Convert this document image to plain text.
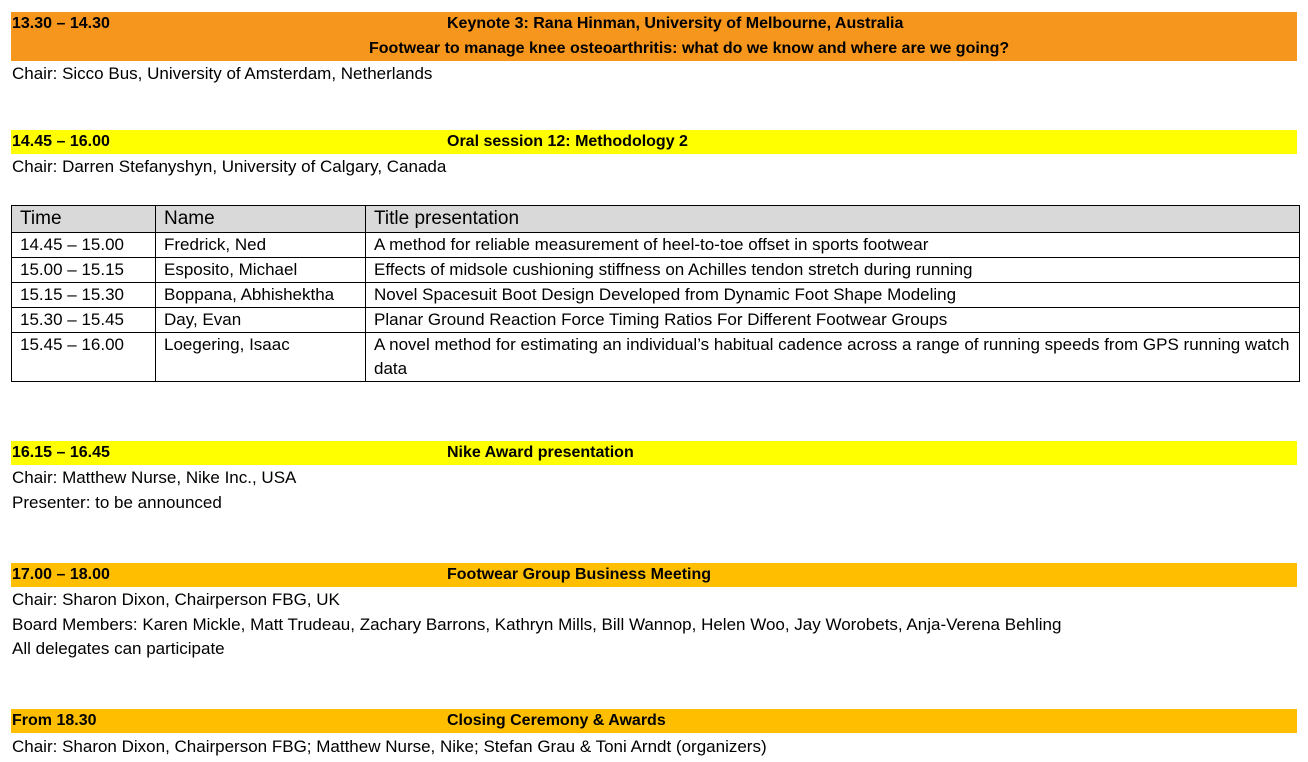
13.30 – 14.30	Keynote 3: Rana Hinman, University of Melbourne, Australia
Footwear to manage knee osteoarthritis: what do we know and where are we going?
Chair: Sicco Bus, University of Amsterdam, Netherlands
14.45 – 16.00	Oral session 12: Methodology 2
Chair: Darren Stefanyshyn, University of Calgary, Canada
Time	Name	Title presentation
14.45 – 15.00	Fredrick, Ned	A method for reliable measurement of heel-to-toe offset in sports footwear
15.00 – 15.15	Esposito, Michael	Effects of midsole cushioning stiffness on Achilles tendon stretch during running
15.15 – 15.30	Boppana, Abhishektha	Novel Spacesuit Boot Design Developed from Dynamic Foot Shape Modeling
15.30 – 15.45	Day, Evan	Planar Ground Reaction Force Timing Ratios For Different Footwear Groups
15.45 – 16.00	Loegering, Isaac	A novel method for estimating an individual’s habitual cadence across a range of running speeds from GPS running watch data
16.15 – 16.45	Nike Award presentation
Chair: Matthew Nurse, Nike Inc., USA
Presenter: to be announced
17.00 – 18.00	Footwear Group Business Meeting
Chair: Sharon Dixon, Chairperson FBG, UK
Board Members: Karen Mickle, Matt Trudeau, Zachary Barrons, Kathryn Mills, Bill Wannop, Helen Woo, Jay Worobets, Anja-Verena Behling
All delegates can participate
From 18.30	Closing Ceremony & Awards
Chair: Sharon Dixon, Chairperson FBG; Matthew Nurse, Nike; Stefan Grau & Toni Arndt (organizers)
